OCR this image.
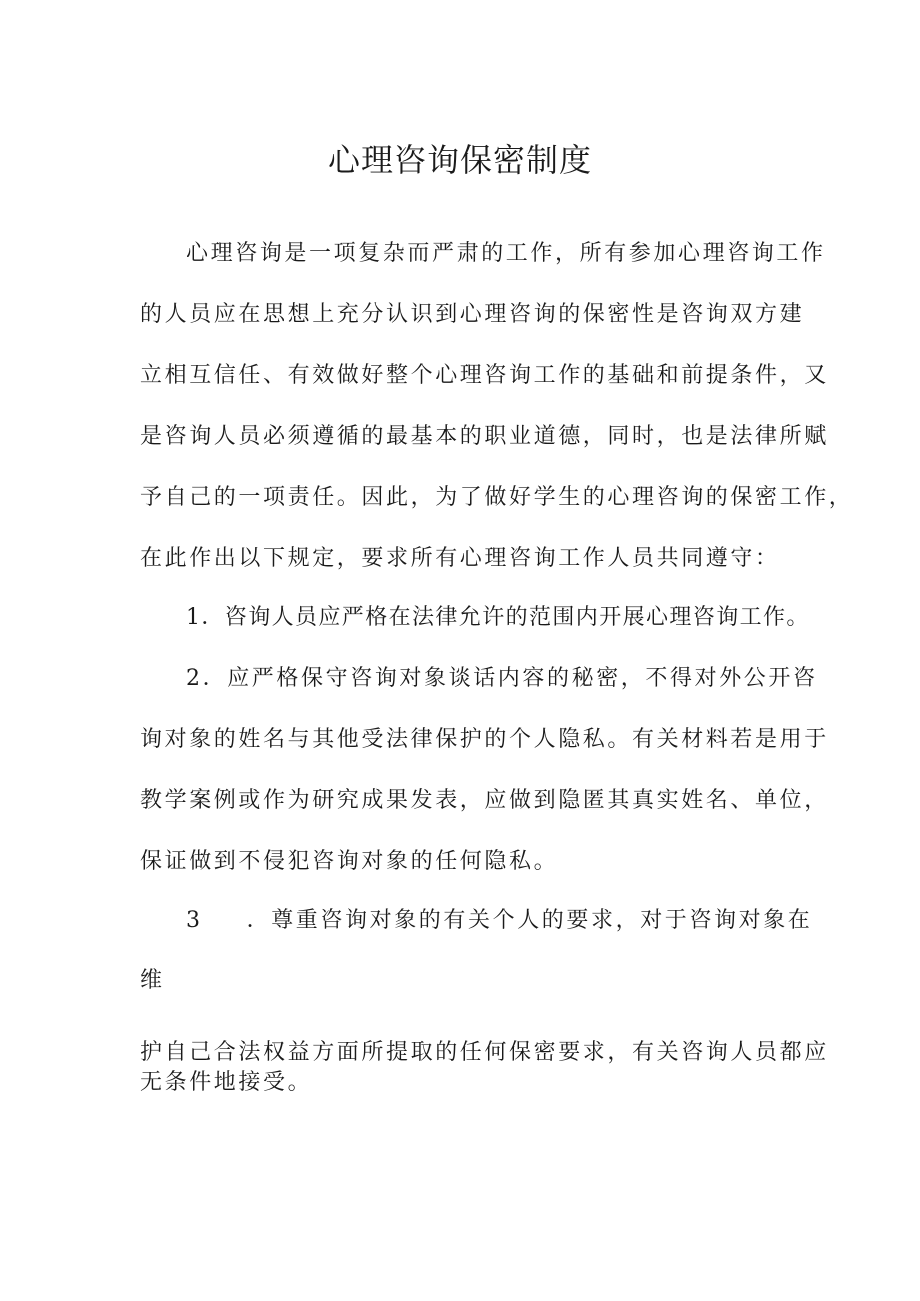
心理咨询保密制度
心理咨询是一项复杂而严肃的工作，所有参加心理咨询工作
的人员应在思想上充分认识到心理咨询的保密性是咨询双方建
立相互信任、有效做好整个心理咨询工作的基础和前提条件，又
是咨询人员必须遵循的最基本的职业道德，同时，也是法律所赋
予自己的一项责任。因此，为了做好学生的心理咨询的保密工作，
在此作出以下规定，要求所有心理咨询工作人员共同遵守：
1．咨询人员应严格在法律允许的范围内开展心理咨询工作。
2．应严格保守咨询对象谈话内容的秘密，不得对外公开咨
询对象的姓名与其他受法律保护的个人隐私。有关材料若是用于
教学案例或作为研究成果发表，应做到隐匿其真实姓名、单位，
保证做到不侵犯咨询对象的任何隐私。
3 ．尊重咨询对象的有关个人的要求，对于咨询对象在
维
护自己合法权益方面所提取的任何保密要求，有关咨询人员都应
无条件地接受。
